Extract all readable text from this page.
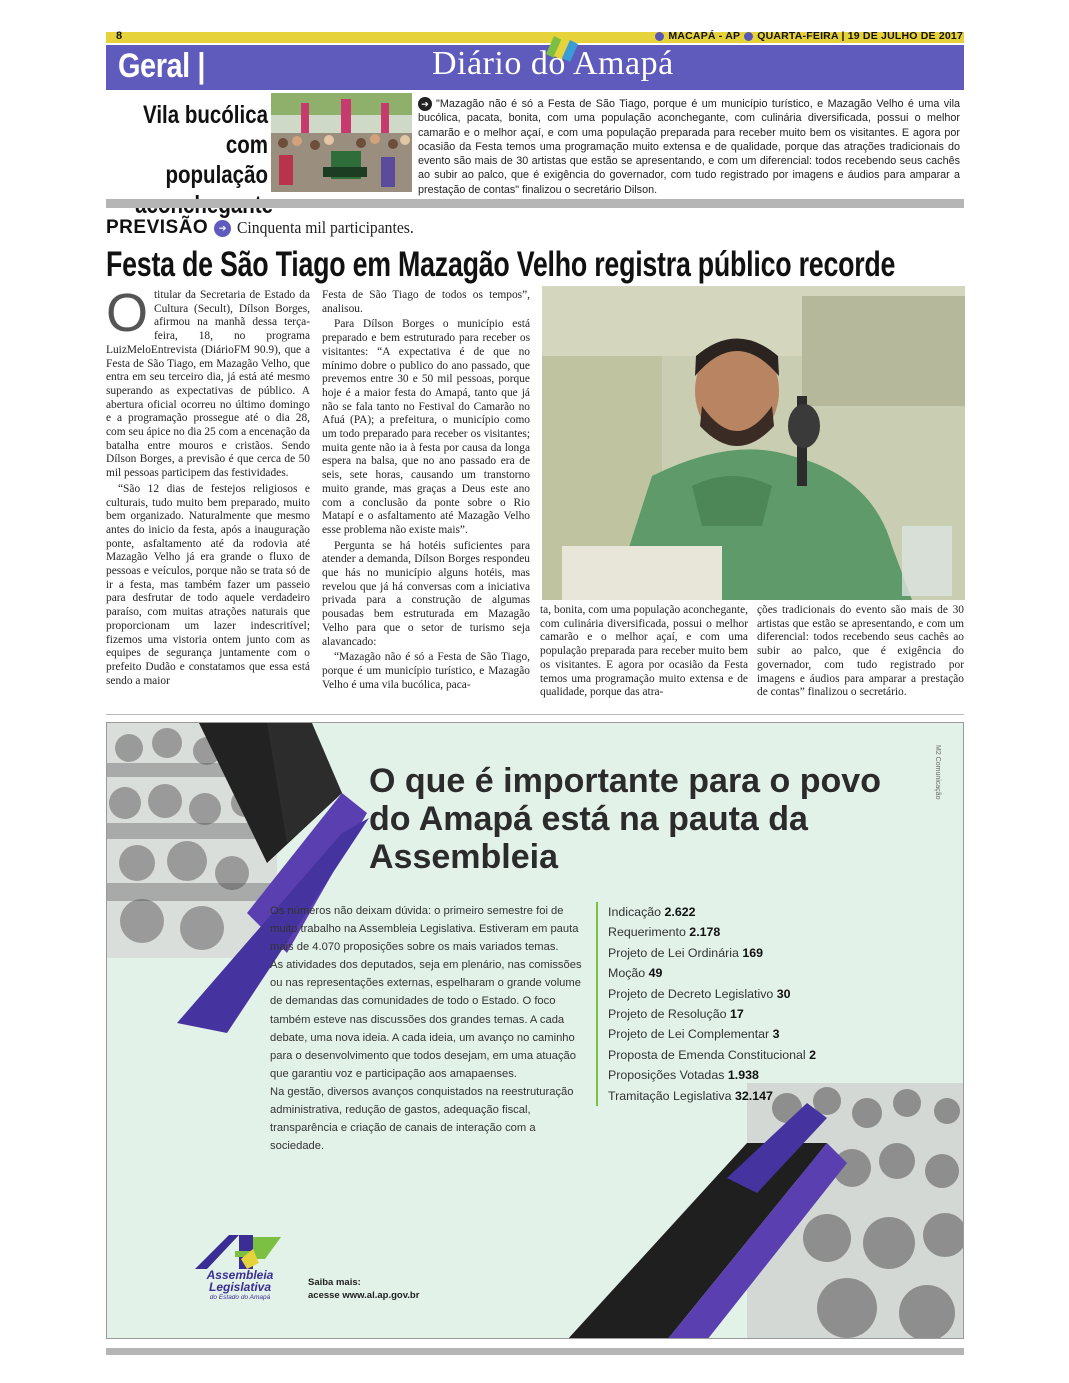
8	MACAPÁ - AP QUARTA-FEIRA | 19 DE JULHO DE 2017
Geral |	Diário do Amapá
Vila bucólica
com população
➔ "Mazagão não é só a Festa de São Tiago, porque é um município turístico, e Mazagão Velho é uma vila bucólica, pacata, bonita, com uma população aconchegante, com culinária diversificada, possui o melhor camarão e o melhor açaí, e com uma população preparada para receber muito bem os visitantes. E agora por ocasião da Festa temos uma programação muito extensa e de qualidade, porque das atrações tradicionais do evento são mais de 30 artistas que estão se apresentando, e com um diferencial: todos recebendo seus cachês ao subir ao palco, que é exigência do governador, com tudo registrado por imagens e áudios para amparar a prestação de contas" finalizou o secretário Dilson.
PREVISÃO	➔ Cinquenta mil participantes.
Festa de São Tiago em Mazagão Velho registra público recorde

Otitular da Secretaria de Estado da Cultura (Secult), Dílson Borges, afirmou na manhã dessa terça-feira, 18, no programa LuizMeloEntrevista (DiárioFM 90.9), que a Festa de São Tiago, em Mazagão Velho, que entra em seu terceiro dia, já está até mesmo superando as expectativas de público. A abertura oficial ocorreu no último domingo e a programação prossegue até o dia 28, com seu ápice no dia 25 com a encenação da batalha entre mouros e cristãos. Sendo Dílson Borges, a previsão é que cerca de 50 mil pessoas participem das festividades.

“São 12 dias de festejos religiosos e culturais, tudo muito bem preparado, muito bem organizado. Naturalmente que mesmo antes do inicio da festa, após a inauguração ponte, asfaltamento até da rodovia até Mazagão Velho já era grande o fluxo de pessoas e veículos, porque não se trata só de ir a festa, mas também fazer um passeio para desfrutar de todo aquele verdadeiro paraíso, com muitas atrações naturais que proporcionam um lazer indescritível; fizemos uma vistoria ontem junto com as equipes de segurança juntamente com o prefeito Dudão e constatamos que essa está sendo a maior

Festa de São Tiago de todos os tempos”, analisou.

Para Dílson Borges o município está preparado e bem estruturado para receber os visitantes: “A expectativa é de que no mínimo dobre o publico do ano passado, que prevemos entre 30 e 50 mil pessoas, porque hoje é a maior festa do Amapá, tanto que já não se fala tanto no Festival do Camarão no Afuá (PA); a prefeitura, o município como um todo preparado para receber os visitantes; muita gente não ia à festa por causa da longa espera na balsa, que no ano passado era de seis, sete horas, causando um transtorno muito grande, mas graças a Deus este ano com a conclusão da ponte sobre o Rio Matapí e o asfaltamento até Mazagão Velho esse problema não existe mais”.

Pergunta se há hotéis suficientes para atender a demanda, Dílson Borges respondeu que hás no município alguns hotéis, mas revelou que já há conversas com a iniciativa privada para a construção de algumas pousadas bem estruturada em Mazagão Velho para que o setor de turismo seja alavancado:

“Mazagão não é só a Festa de São Tiago, porque é um município turístico, e Mazagão Velho é uma vila bucólica, paca-

ta, bonita, com uma população aconchegante, com culinária diversificada, possui o melhor camarão e o melhor açaí, e com uma população preparada para receber muito bem os visitantes. E agora por ocasião da Festa temos uma programação muito extensa e de qualidade, porque das atra-

ções tradicionais do evento são mais de 30 artistas que estão se apresentando, e com um diferencial: todos recebendo seus cachês ao subir ao palco, que é exigência do governador, com tudo registrado por imagens e áudios para amparar a prestação de contas” finalizou o secretário.

M2 Comunicação
O que é importante para o povo do Amapá está na pauta da Assembleia

Os números não deixam dúvida: o primeiro semestre foi de muito trabalho na Assembleia Legislativa. Estiveram em pauta mais de 4.070 proposições sobre os mais variados temas.

As atividades dos deputados, seja em plenário, nas comissões ou nas representações externas, espelharam o grande volume de demandas das comunidades de todo o Estado. O foco também esteve nas discussões dos grandes temas. A cada debate, uma nova ideia. A cada ideia, um avanço no caminho para o desenvolvimento que todos desejam, em uma atuação que garantiu voz e participação aos amapaenses.

Na gestão, diversos avanços conquistados na reestruturação administrativa, redução de gastos, adequação fiscal, transparência e criação de canais de interação com a sociedade.

Indicação 2.622
Requerimento 2.178
Projeto de Lei Ordinária 169
Moção 49
Projeto de Decreto Legislativo 30
Projeto de Resolução 17
Projeto de Lei Complementar 3
Proposta de Emenda Constitucional 2
Proposições Votadas 1.938
Tramitação Legislativa 32.147
Assembleia
Legislativa
do Estado do Amapá
Saiba mais:
acesse www.al.ap.gov.br
